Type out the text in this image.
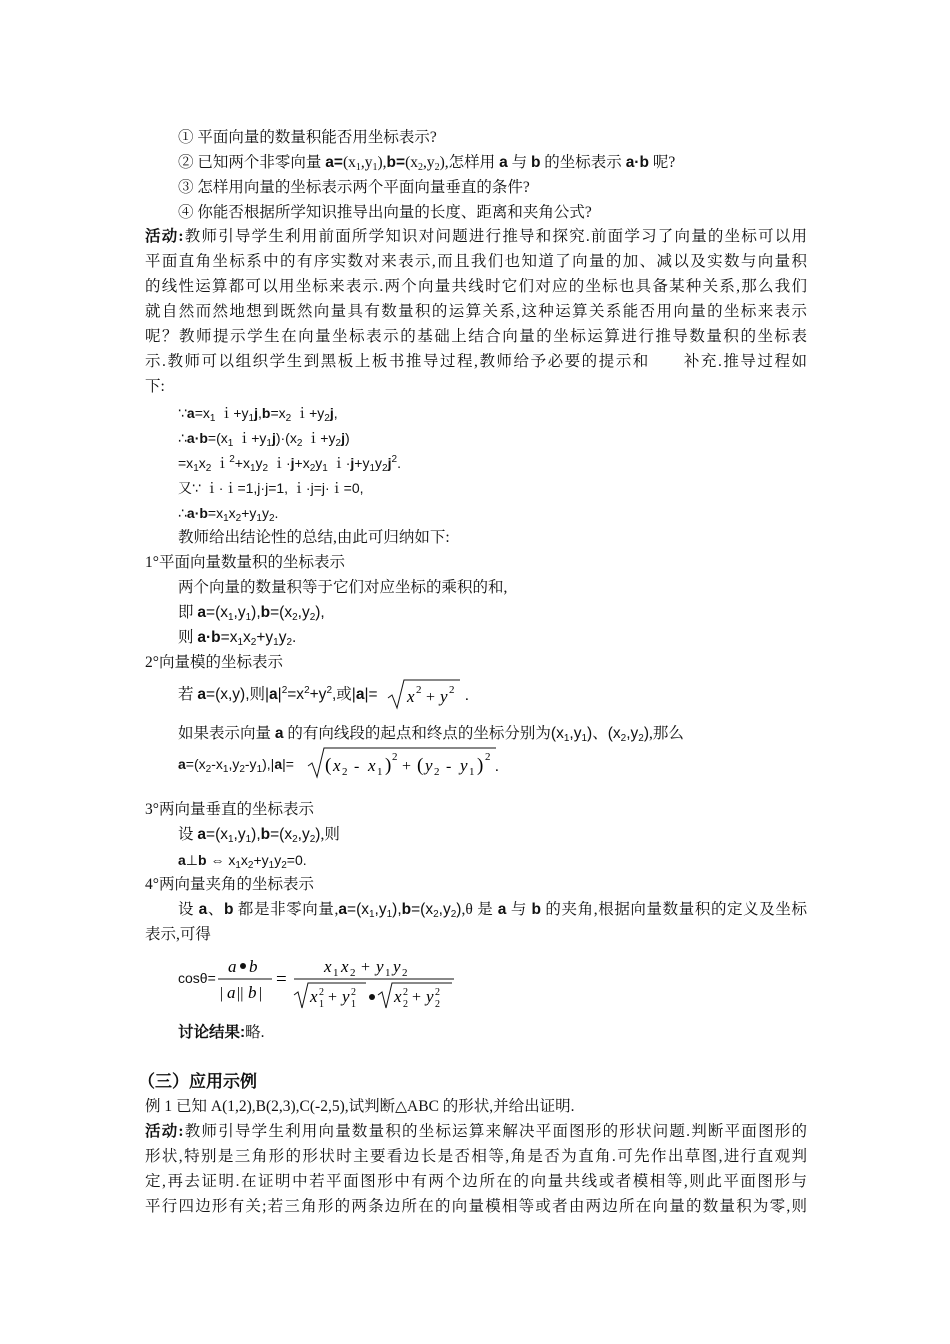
① 平面向量的数量积能否用坐标表示?
② 已知两个非零向量 $a=(x_1,y_1),b=(x_2,y_2)$,怎样用 a 与 b 的坐标表示 a·b 呢?
③ 怎样用向量的坐标表示两个平面向量垂直的条件?
④ 你能否根据所学知识推导出向量的长度、距离和夹角公式?
活动:教师引导学生利用前面所学知识对问题进行推导和探究.前面学习了向量的坐标可以用
平面直角坐标系中的有序实数对来表示,而且我们也知道了向量的加、减以及实数与向量积
的线性运算都可以用坐标来表示.两个向量共线时它们对应的坐标也具备某种关系,那么我们
就自然而然地想到既然向量具有数量积的运算关系,这种运算关系能否用向量的坐标来表示
呢？教师提示学生在向量坐标表示的基础上结合向量的坐标运算进行推导数量积的坐标表
示.教师可以组织学生到黑板上板书推导过程,教师给予必要的提示和　　补充.推导过程如
下:
$\because a=x_1$ $i+y_1j,b=x_2$ $i+y_2j$,
$\therefore a\cdot b=(x_1$ $i+y_1j)\cdot(x_2$ $i+y_2j$)
$=x_1x_2$ $i^2+x_1y_2$ $i\cdot j+x_2y_1$ $i\cdot j+y_1y_2j^2$.
又∵ ｉ·ｉ=1,j·j=1, ｉ·j=j·ｉ=0,
$\therefore a\cdot b=x_1x_2+y_1y_2$.
教师给出结论性的总结,由此可归纳如下:
1°平面向量数量积的坐标表示
两个向量的数量积等于它们对应坐标的乘积的和,
即 $a=(x_1,y_1),b=(x_2,y_2)$,
则 $a\cdot b=x_1x_2+y_1y_2$.
2°向量模的坐标表示
若 a=(x,y),则$|a|^2=x^2+y^2$,或|a|= x 2 + y 2 .
如果表示向量 a 的有向线段的起点和终点的坐标分别为$(x_1,y_1)$、$(x_2,y_2)$,那么
$a=(x_2-x_1,y_2-y_1),|a|=$ ( x 2 - x 1 ) 2
+ ( y 2 - y 1 ) 2
.
3°两向量垂直的坐标表示
设 $a=(x_1,y_1),b=(x_2,y_2)$,则
a⊥b ⇔ $x_1x_2+y_1y_2=0$.
4°两向量夹角的坐标表示
设 a、b 都是非零向量$,a=(x_1,y_1),b=(x_2,y_2),\theta$ 是 a 与 b 的夹角,根据向量数量积的定义及坐标
表示,可得
cosθ=
a b
| a || b |
=
x 1 x 2 + y 1 y 2
x 2
1 + y 2
1 x 2
2 + y 2
2
讨论结果:略.
（三）应用示例
例 1 已知 A(1,2),B(2,3),C(-2,5),试判断△ABC 的形状,并给出证明.
活动:教师引导学生利用向量数量积的坐标运算来解决平面图形的形状问题.判断平面图形的
形状,特别是三角形的形状时主要看边长是否相等,角是否为直角.可先作出草图,进行直观判
定,再去证明.在证明中若平面图形中有两个边所在的向量共线或者模相等,则此平面图形与
平行四边形有关;若三角形的两条边所在的向量模相等或者由两边所在向量的数量积为零,则
